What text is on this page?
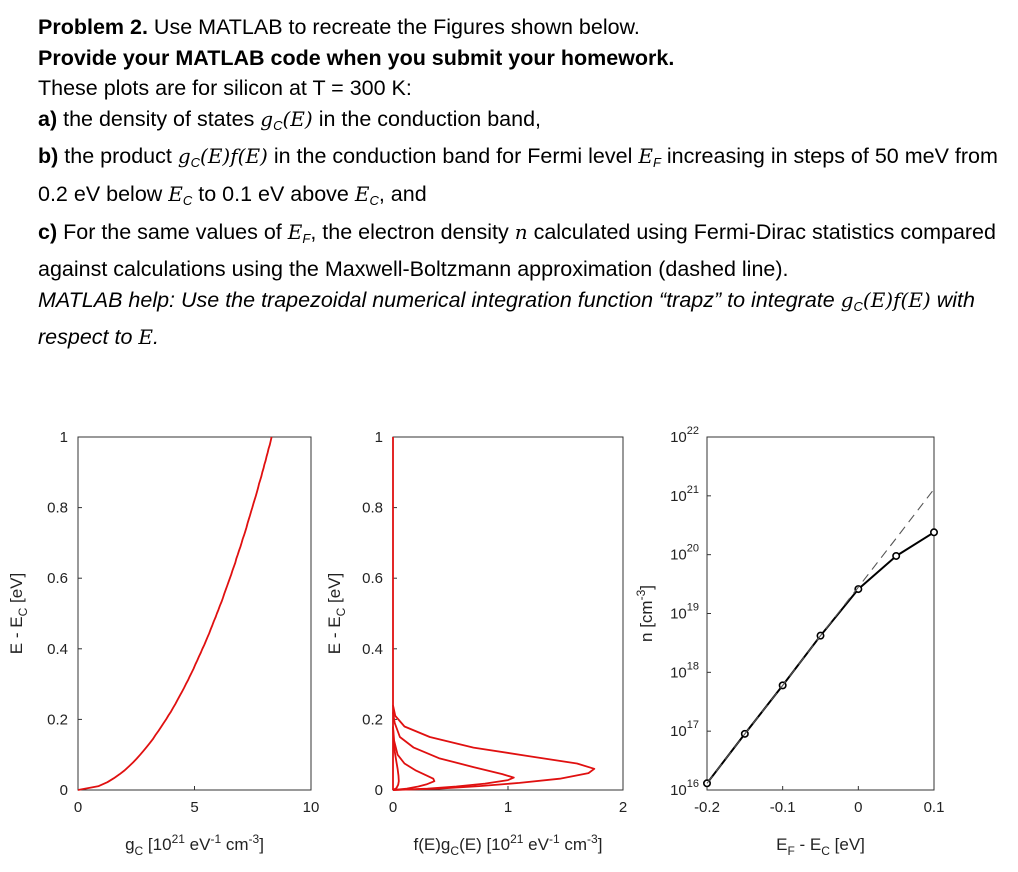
Problem 2. Use MATLAB to recreate the Figures shown below.

Provide your MATLAB code when you submit your homework.

These plots are for silicon at T = 300 K:

a) the density of states $g_C(E)$ in the conduction band,

b) the product $g_C(E)f(E)$ in the conduction band for Fermi level $E_F$ increasing in steps of 50 meV from 0.2 eV below $E_C$ to 0.1 eV above $E_C$, and

c) For the same values of $E_F$, the electron density n calculated using Fermi-Dirac statistics compared against calculations using the Maxwell-Boltzmann approximation (dashed line).

MATLAB help: Use the trapezoidal numerical integration function “trapz” to integrate $g_C(E)f(E)$ with respect to E.

0	5	10
0
0.2
0.4
0.6
0.8
1
$g_C$ [$10^{21}$ $eV^{-1}$ $cm^{-3}$]
E - $E_C$ [eV]
0	1	2
0
0.2
0.4
0.6
0.8
1
$f(E)g_C(E)$ [$10^{21}$ $eV^{-1}$ $cm^{-3}$]
E - $E_C$ [eV]
-0.2	-0.1	0	0.1
$10^{16}$
$10^{17}$
$10^{18}$
$10^{19}$
$10^{20}$
$10^{21}$
$10^{22}$
$E_F - E_C$ [eV]
n $[cm^{-3}]$
